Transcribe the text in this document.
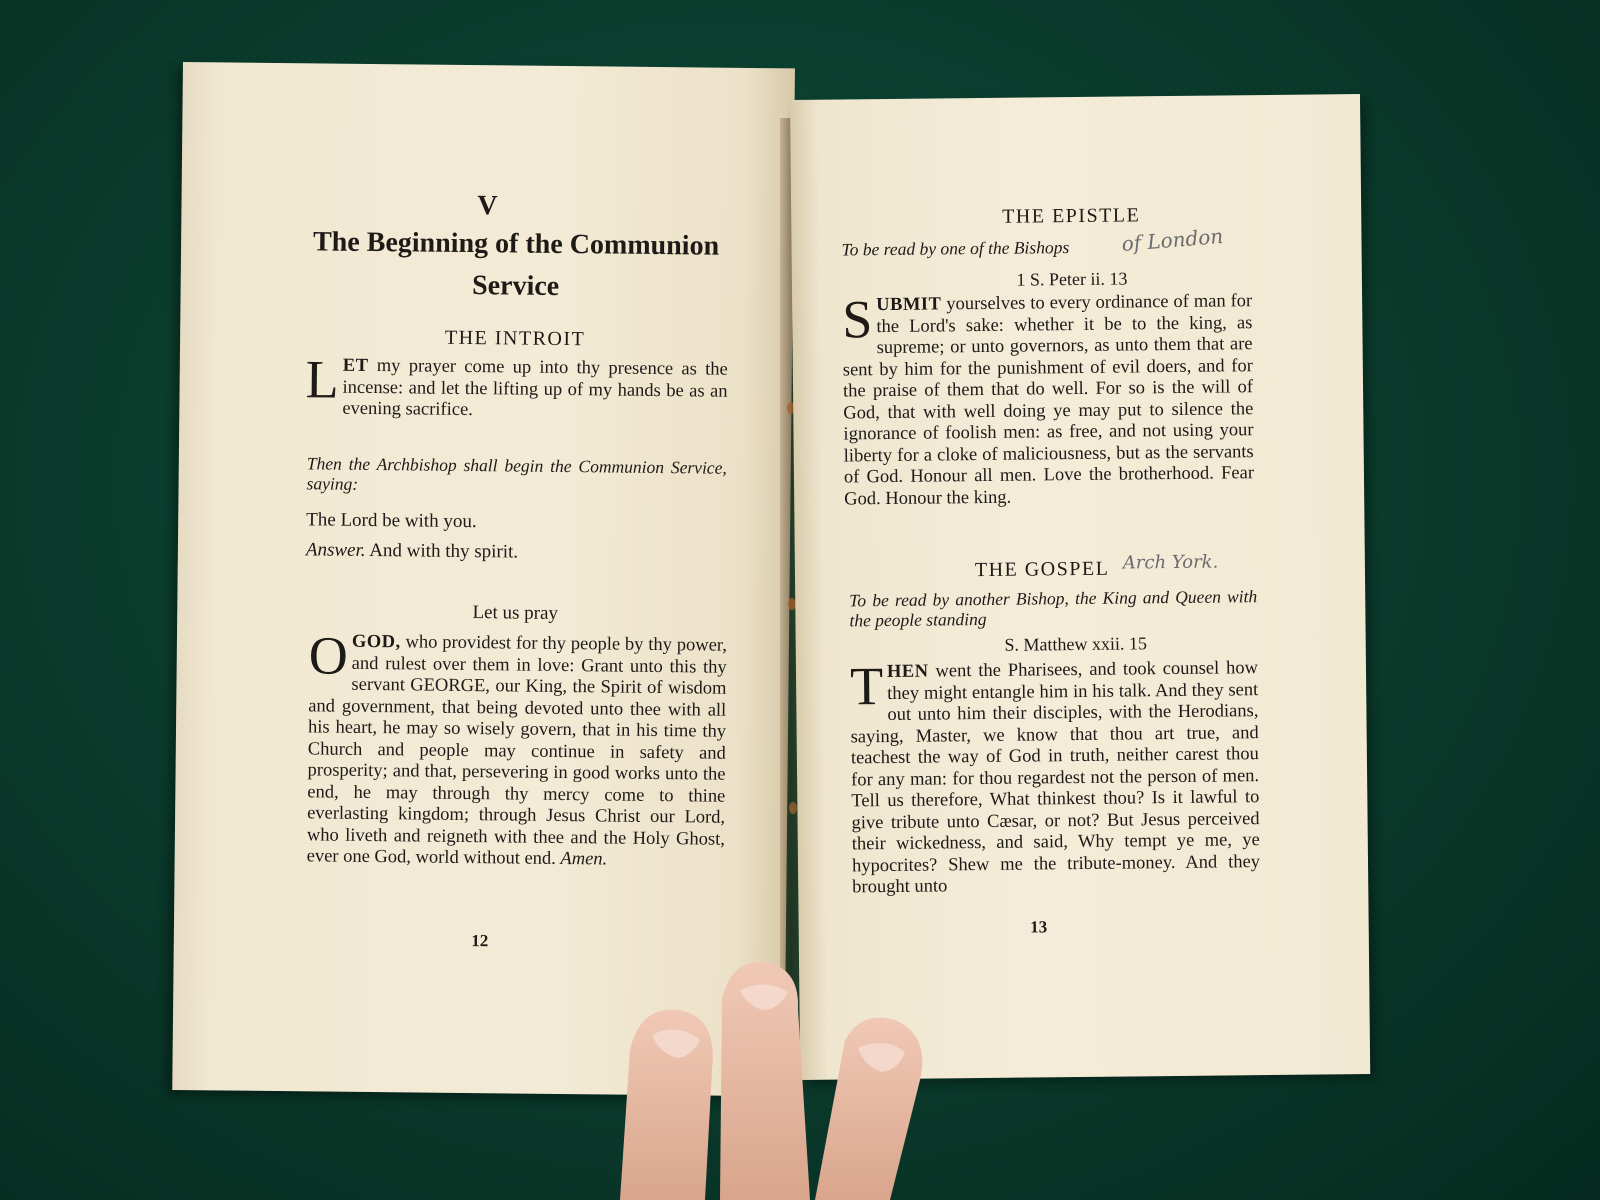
V
The Beginning of the Communion Service
THE INTROIT
LET my prayer come up into thy presence as the incense: and let the lifting up of my hands be as an evening sacrifice.
Then the Archbishop shall begin the Communion Service, saying:
The Lord be with you.
Answer. And with thy spirit.
Let us pray
O GOD, who providest for thy people by thy power, and rulest over them in love: Grant unto this thy servant GEORGE, our King, the Spirit of wisdom and government, that being devoted unto thee with all his heart, he may so wisely govern, that in his time thy Church and people may continue in safety and prosperity; and that, persevering in good works unto the end, he may through thy mercy come to thine everlasting kingdom; through Jesus Christ our Lord, who liveth and reigneth with thee and the Holy Ghost, ever one God, world without end. Amen.
12
THE EPISTLE
To be read by one of the Bishops	of London
1 S. Peter ii. 13
SUBMIT yourselves to every ordinance of man for the Lord's sake: whether it be to the king, as supreme; or unto governors, as unto them that are sent by him for the punishment of evil doers, and for the praise of them that do well. For so is the will of God, that with well doing ye may put to silence the ignorance of foolish men: as free, and not using your liberty for a cloke of maliciousness, but as the servants of God. Honour all men. Love the brotherhood. Fear God. Honour the king.
THE GOSPEL Arch York.
To be read by another Bishop, the King and Queen with the people standing
S. Matthew xxii. 15
THEN went the Pharisees, and took counsel how they might entangle him in his talk. And they sent out unto him their disciples, with the Herodians, saying, Master, we know that thou art true, and teachest the way of God in truth, neither carest thou for any man: for thou regardest not the person of men. Tell us therefore, What thinkest thou? Is it lawful to give tribute unto Cæsar, or not? But Jesus perceived their wickedness, and said, Why tempt ye me, ye hypocrites? Shew me the tribute-money. And they brought unto
13
